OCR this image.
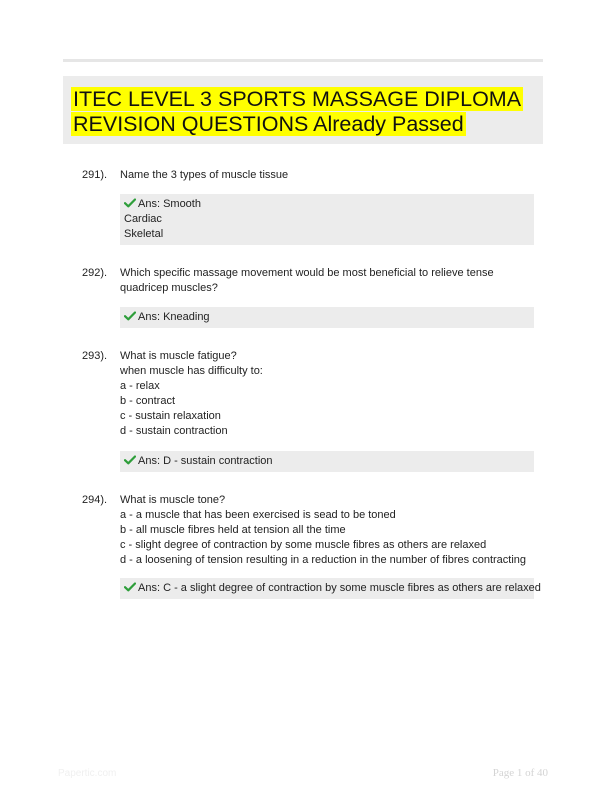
ITEC LEVEL 3 SPORTS MASSAGE DIPLOMA
REVISION QUESTIONS Already Passed
291). Name the 3 types of muscle tissue
Ans: Smooth
Cardiac
Skeletal
292). Which specific massage movement would be most beneficial to relieve tense quadricep muscles?
Ans: Kneading
293). What is muscle fatigue?
when muscle has difficulty to:
a - relax
b - contract
c - sustain relaxation
d - sustain contraction
Ans: D - sustain contraction
294). What is muscle tone?
a - a muscle that has been exercised is sead to be toned
b - all muscle fibres held at tension all the time
c - slight degree of contraction by some muscle fibres as others are relaxed
d - a loosening of tension resulting in a reduction in the number of fibres contracting
Ans: C - a slight degree of contraction by some muscle fibres as others are relaxed
Papertic.com	Page 1 of 40
